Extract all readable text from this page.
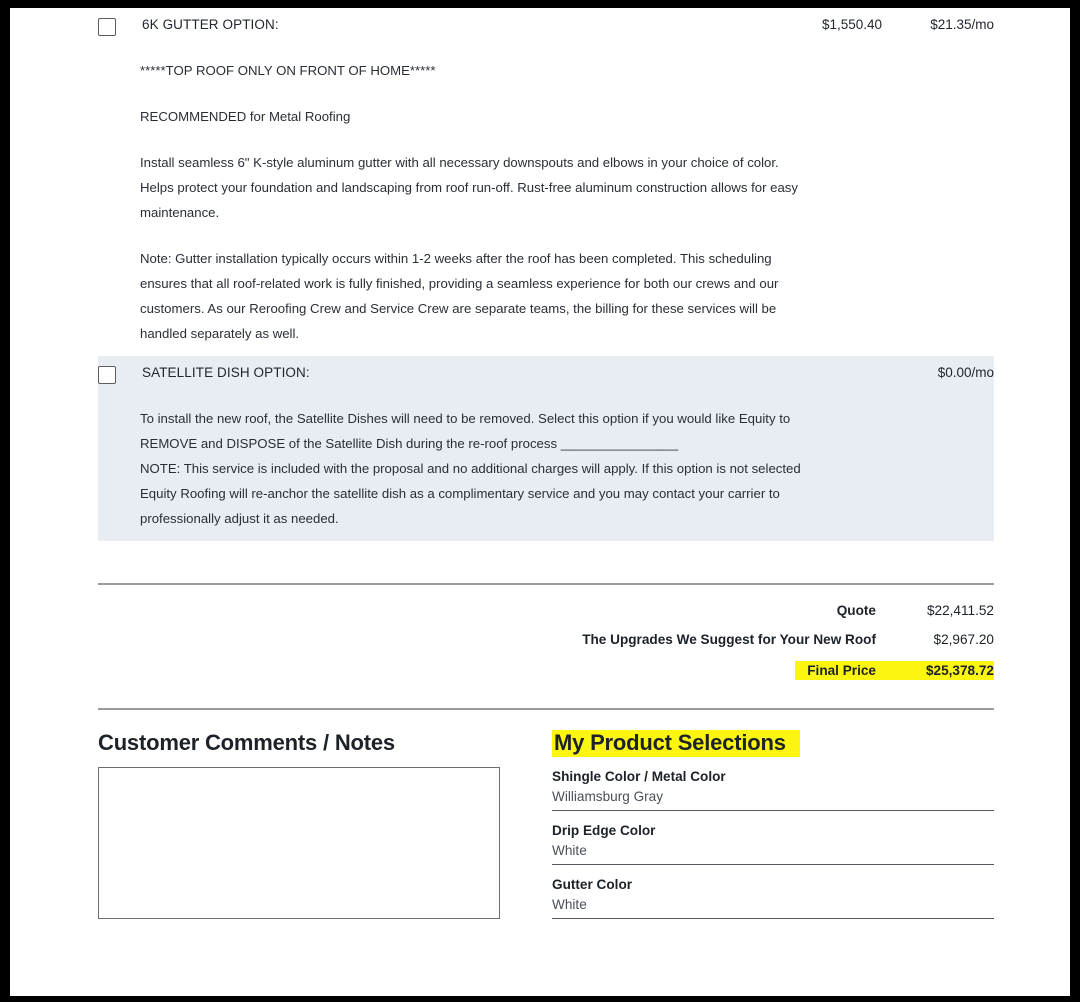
6K GUTTER OPTION:	$1,550.40	$21.35/mo

*****TOP ROOF ONLY ON FRONT OF HOME*****

RECOMMENDED for Metal Roofing

Install seamless 6" K-style aluminum gutter with all necessary downspouts and elbows in your choice of color. Helps protect your foundation and landscaping from roof run-off. Rust-free aluminum construction allows for easy maintenance.

Note: Gutter installation typically occurs within 1-2 weeks after the roof has been completed. This scheduling ensures that all roof-related work is fully finished, providing a seamless experience for both our crews and our customers. As our Reroofing Crew and Service Crew are separate teams, the billing for these services will be handled separately as well.

SATELLITE DISH OPTION:	$0.00/mo

To install the new roof, the Satellite Dishes will need to be removed. Select this option if you would like Equity to REMOVE and DISPOSE of the Satellite Dish during the re-roof process ________________

NOTE: This service is included with the proposal and no additional charges will apply. If this option is not selected Equity Roofing will re-anchor the satellite dish as a complimentary service and you may contact your carrier to professionally adjust it as needed.

Quote	$22,411.52
The Upgrades We Suggest for Your New Roof	$2,967.20
Final Price	$25,378.72
Customer Comments / Notes	My Product Selections
Shingle Color / Metal Color
Williamsburg Gray
Drip Edge Color
White
Gutter Color
White
